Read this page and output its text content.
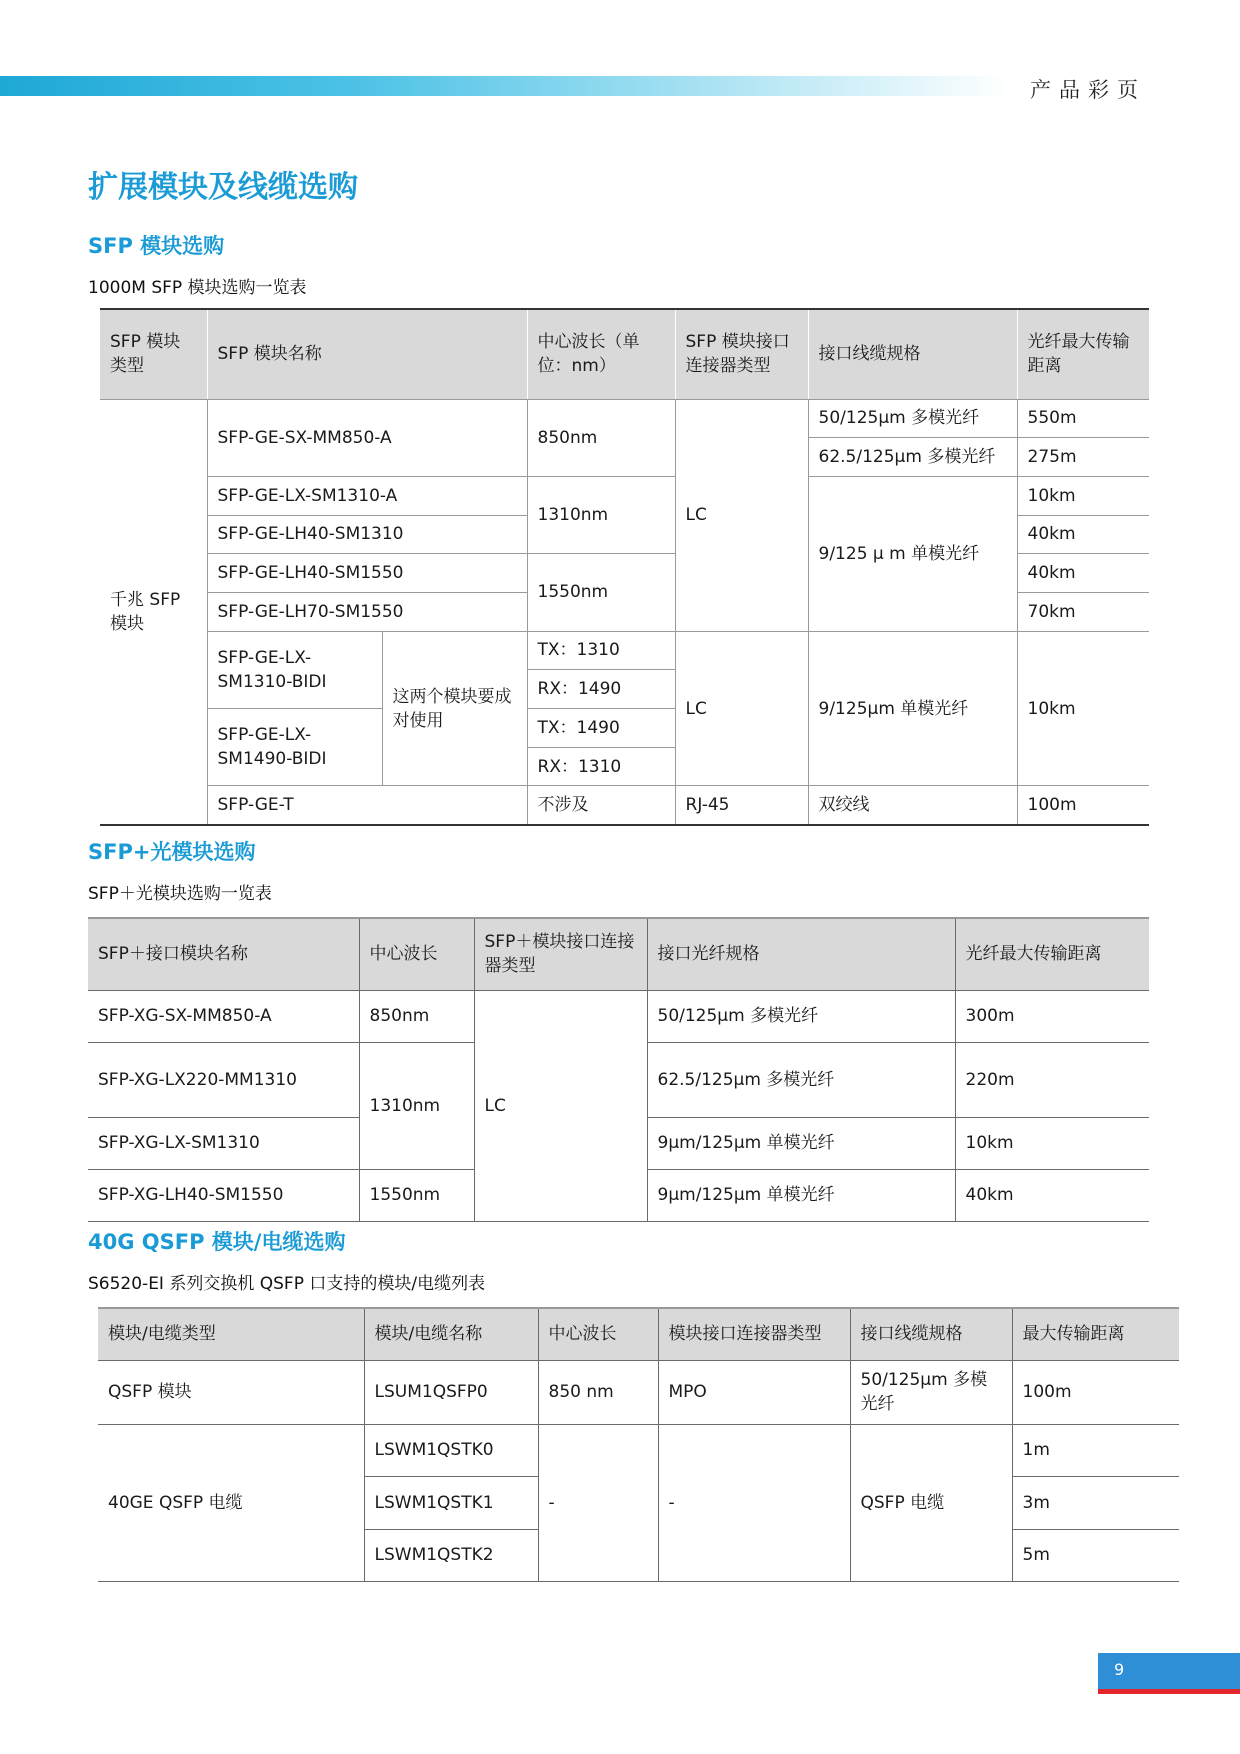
产品彩页
扩展模块及线缆选购
SFP 模块选购
1000M SFP 模块选购一览表
SFP 模块类型	SFP 模块名称		中心波长（单位：nm）	SFP 模块接口连接器类型	接口线缆规格	光纤最大传输距离
千兆 SFP 模块	SFP-GE-SX-MM850-A		850nm	LC	50/125μm 多模光纤	550m
					62.5/125μm 多模光纤	275m
	SFP-GE-LX-SM1310-A		1310nm		9/125 μ m 单模光纤	10km
	SFP-GE-LH40-SM1310					40km
	SFP-GE-LH40-SM1550		1550nm			40km
	SFP-GE-LH70-SM1550					70km
	SFP-GE-LX-SM1310-BIDI	这两个模块要成对使用	TX：1310	LC	9/125μm 单模光纤	10km
			RX：1490			
	SFP-GE-LX-SM1490-BIDI		TX：1490			
			RX：1310			
	SFP-GE-T		不涉及	RJ-45	双绞线	100m
SFP+光模块选购
SFP＋光模块选购一览表
SFP＋接口模块名称	中心波长	SFP＋模块接口连接器类型	接口光纤规格	光纤最大传输距离
SFP-XG-SX-MM850-A	850nm	LC	50/125μm 多模光纤	300m
SFP-XG-LX220-MM1310	1310nm		62.5/125μm 多模光纤	220m
SFP-XG-LX-SM1310			9μm/125μm 单模光纤	10km
SFP-XG-LH40-SM1550	1550nm		9μm/125μm 单模光纤	40km
40G QSFP 模块/电缆选购
S6520-EI 系列交换机 QSFP 口支持的模块/电缆列表
模块/电缆类型	模块/电缆名称	中心波长	模块接口连接器类型	接口线缆规格	最大传输距离
QSFP 模块	LSUM1QSFP0	850 nm	MPO	50/125μm 多模光纤	100m
40GE QSFP 电缆	LSWM1QSTK0	-	-	QSFP 电缆	1m
	LSWM1QSTK1				3m
	LSWM1QSTK2				5m
9
